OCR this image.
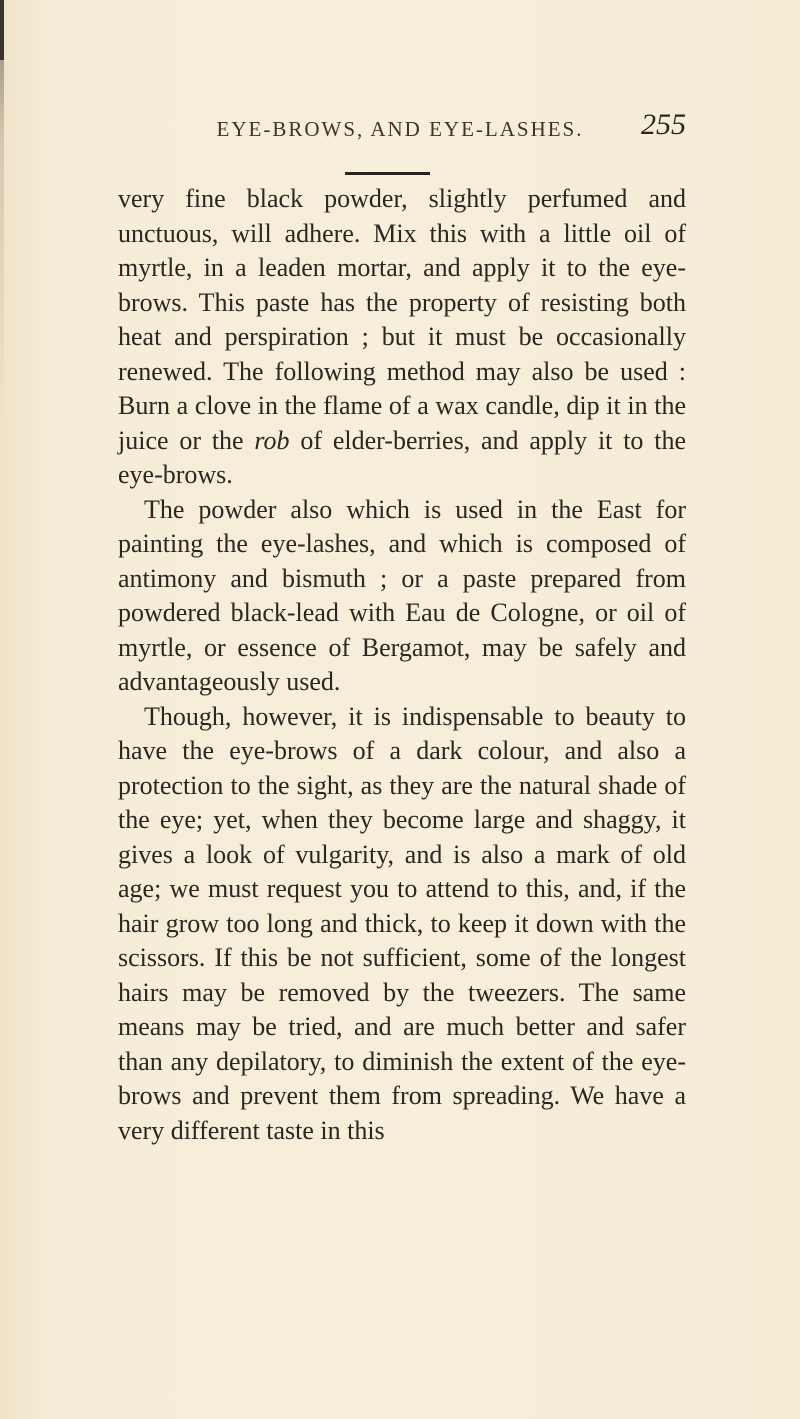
EYE-BROWS, AND EYE-LASHES.	255

very fine black powder, slightly perfumed and unctuous, will adhere. Mix this with a little oil of myrtle, in a leaden mortar, and apply it to the eye-brows. This paste has the property of resisting both heat and perspiration ; but it must be occasionally renewed. The following method may also be used : Burn a clove in the flame of a wax candle, dip it in the juice or the rob of elder-berries, and apply it to the eye-brows.

The powder also which is used in the East for painting the eye-lashes, and which is composed of antimony and bismuth ; or a paste prepared from powdered black-lead with Eau de Cologne, or oil of myrtle, or essence of Bergamot, may be safely and advantageously used.

Though, however, it is indispensable to beauty to have the eye-brows of a dark colour, and also a protection to the sight, as they are the natural shade of the eye; yet, when they become large and shaggy, it gives a look of vulgarity, and is also a mark of old age; we must request you to attend to this, and, if the hair grow too long and thick, to keep it down with the scissors. If this be not sufficient, some of the longest hairs may be removed by the tweezers. The same means may be tried, and are much better and safer than any depilatory, to diminish the extent of the eye-brows and prevent them from spreading. We have a very different taste in this
